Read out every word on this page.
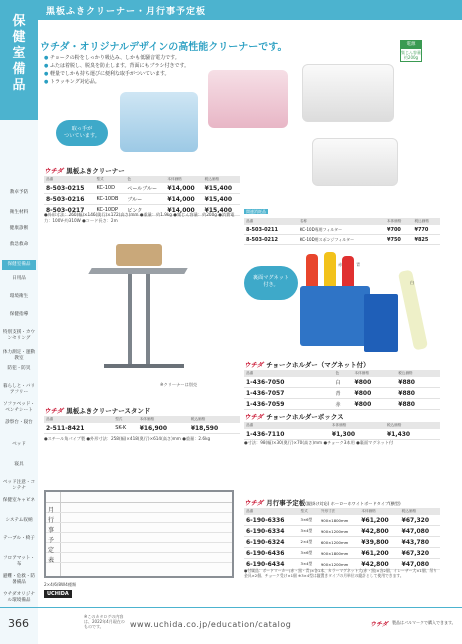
保
健
室
備
品
教卓予防
衛生材料
健康診断
救急救命
保健室備品
日用品
環境衛生
保健指導
特別支援・カウンセリング
体力測定・運動教室
防犯・防災
暮らしと・バリアフリー
ソファベッド・ベンチシート
診察台・寝台
ベッド
寝具
ベッド注意・コンテナ
保健室キャビネ
システム収納
テーブル・椅子
フロアマット・布
避難・危救・防暑備品
ウチダオリジナル環境備品
黒板ふきクリーナー・月行事予定板
ウチダ・オリジナルデザインの高性能クリーナーです。
● チョークの粉をしっかり吸込み、しかも低騒音電力です。
● ふたは着脱し、脱臭を防止します。背面にもブラシ付きです。
● 軽量でしかも持ち運びに便利な取手がついています。
● トラッキング対応品。
電源
集じん容量約200g
取っ手が
ついています。
ウチダ 黒板ふきクリーナー
品番	型式	色	本体価格	税込価格
8-503-0215	KC-10D	ペールブルー	¥14,000	¥15,400
8-503-0216	KC-10DB	ブルー	¥14,000	¥15,400
8-503-0217	KC-10DP	ピンク	¥14,000	¥15,400
●外形寸法：260(幅)×146(奥行)×172(高さ)mm ●重量：約1.9kg ●集じん容量：約200g ●消費電力：100V-約310W ●コード長さ：2m
関連消耗品
品番	名称	本体価格	税込価格
8-503-0211	KC-10D専用フィルター	¥700	¥770
8-503-0212	KC-10D用スポンジフィルター	¥750	¥825
※クリーナーは別売
ウチダ 黒板ふきクリーナースタンド
品番	型式	本体価格	税込価格
2-511-8421	SK-K	¥16,900	¥18,590
●スチール角パイプ製 ●外形寸法：258(幅)×418(奥行)×614(高さ)mm ●重量：2.6kg
裏面マグネット
付き。
赤	青
白
ウチダ チョークホルダー（マグネット付）
品番	色	本体価格	税込価格
1-436-7050	白	¥800	¥880
1-436-7057	青	¥800	¥880
1-436-7059	赤	¥800	¥880
ウチダ チョークホルダーボックス
品番	本体価格	税込価格
1-436-7110	¥1,300	¥1,430
●寸法：98(幅)×30(奥行)×70(高さ)mm ●チョーク3本用 ●裏面マグネット付
月行事予定表
2×4/6/8W4種類
ウチダ 月行事予定板(縦掛け対応) ホーローホワイトボードタイプ(横型)
品番	型式	外形寸法	本体価格	税込価格
6-190-6336	3×6型	900×1800mm	¥61,200	¥67,320
6-190-6334	3×4型	900×1200mm	¥42,800	¥47,080
6-190-6324	2×4型	600×1200mm	¥39,800	¥43,780
6-190-6436	3×6型	900×1800mm	¥61,200	¥67,320
6-190-6434	3×4型	900×1200mm	¥42,800	¥47,080
●付属品：ボードマーカー(赤・黒・青)×各1本、カラーマグネット大(赤・黒)×各2個、イレーザー大×1個、吊り金具×2個、チョーク受け×1個 ※3×4型は縦置きタイプの月単位の縦計として使用できます。
UCHIDA
366
※このカタログの内容は、2022年4月現在のものです。	www.uchida.co.jp/education/catalog	ウチダ 製品はパルマークで購入できます。
